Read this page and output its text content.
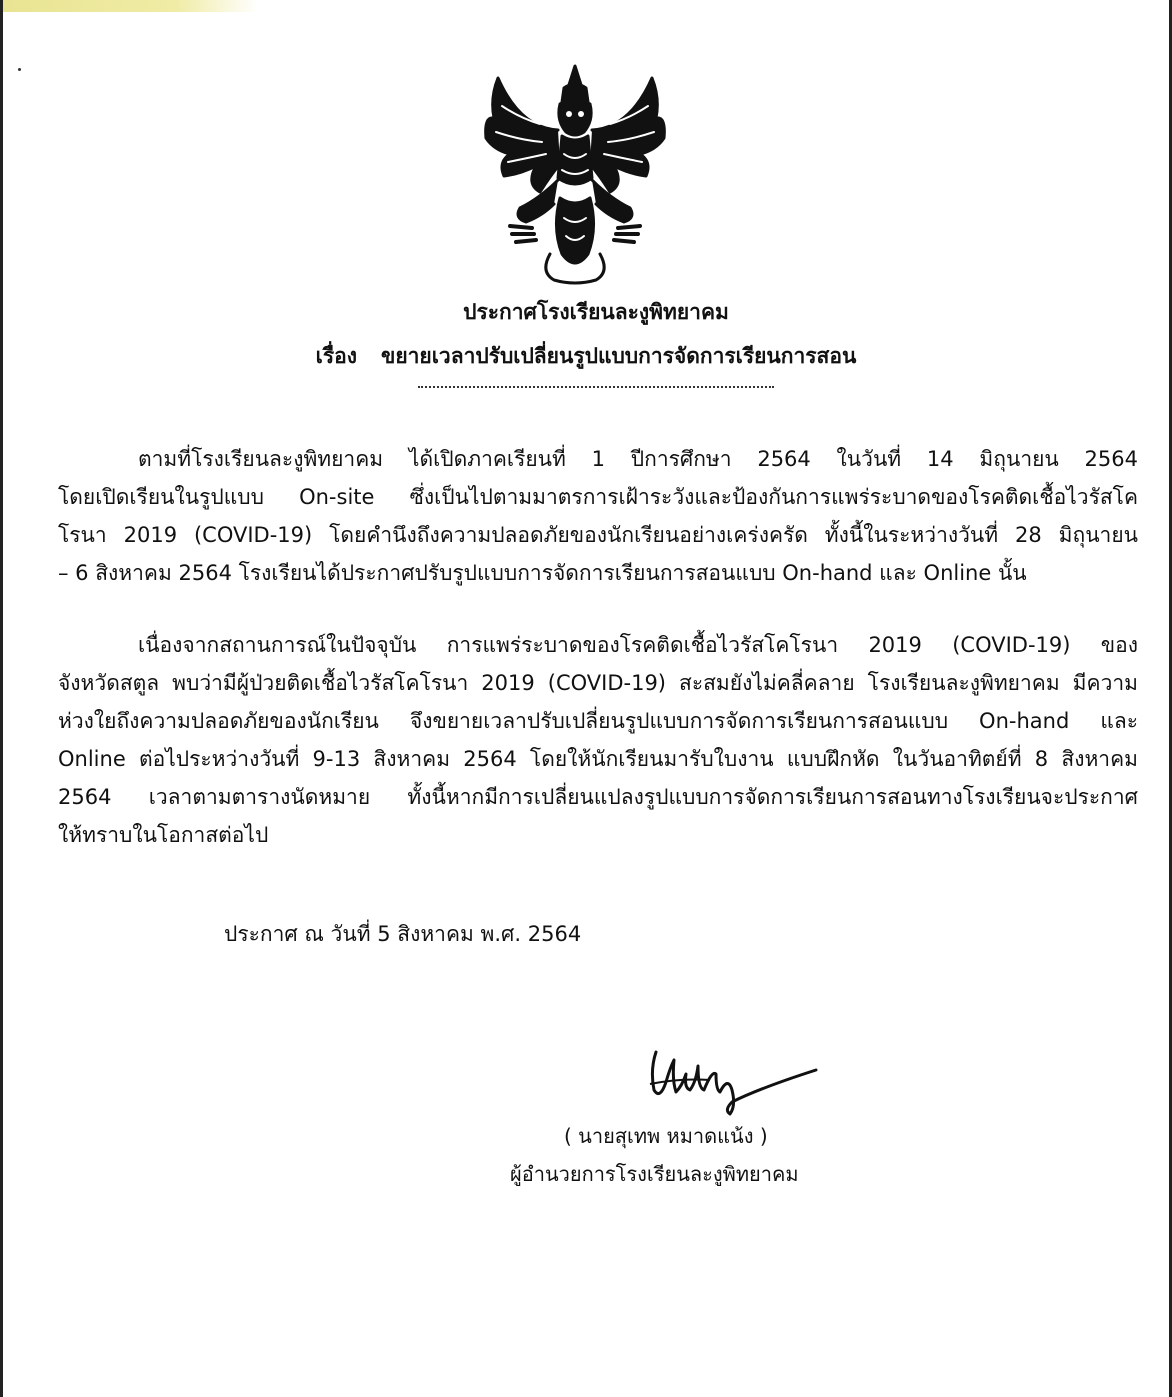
ประกาศโรงเรียนละงูพิทยาคม
เรื่อง ขยายเวลาปรับเปลี่ยนรูปแบบการจัดการเรียนการสอน
ตามที่โรงเรียนละงูพิทยาคม ได้เปิดภาคเรียนที่ 1 ปีการศึกษา 2564 ในวันที่ 14 มิถุนายน 2564
โดยเปิดเรียนในรูปแบบ On-site ซึ่งเป็นไปตามมาตรการเฝ้าระวังและป้องกันการแพร่ระบาดของโรคติดเชื้อไวรัสโค
โรนา 2019 (COVID-19) โดยคำนึงถึงความปลอดภัยของนักเรียนอย่างเคร่งครัด ทั้งนี้ในระหว่างวันที่ 28 มิถุนายน
– 6 สิงหาคม 2564 โรงเรียนได้ประกาศปรับรูปแบบการจัดการเรียนการสอนแบบ On-hand และ Online นั้น
เนื่องจากสถานการณ์ในปัจจุบัน การแพร่ระบาดของโรคติดเชื้อไวรัสโคโรนา 2019 (COVID-19) ของ
จังหวัดสตูล พบว่ามีผู้ป่วยติดเชื้อไวรัสโคโรนา 2019 (COVID-19) สะสมยังไม่คลี่คลาย โรงเรียนละงูพิทยาคม มีความ
ห่วงใยถึงความปลอดภัยของนักเรียน จึงขยายเวลาปรับเปลี่ยนรูปแบบการจัดการเรียนการสอนแบบ On-hand และ
Online ต่อไประหว่างวันที่ 9-13 สิงหาคม 2564 โดยให้นักเรียนมารับใบงาน แบบฝึกหัด ในวันอาทิตย์ที่ 8 สิงหาคม
2564 เวลาตามตารางนัดหมาย ทั้งนี้หากมีการเปลี่ยนแปลงรูปแบบการจัดการเรียนการสอนทางโรงเรียนจะประกาศ
ให้ทราบในโอกาสต่อไป
ประกาศ ณ วันที่ 5 สิงหาคม พ.ศ. 2564
( นายสุเทพ หมาดแน้ง )
ผู้อำนวยการโรงเรียนละงูพิทยาคม
